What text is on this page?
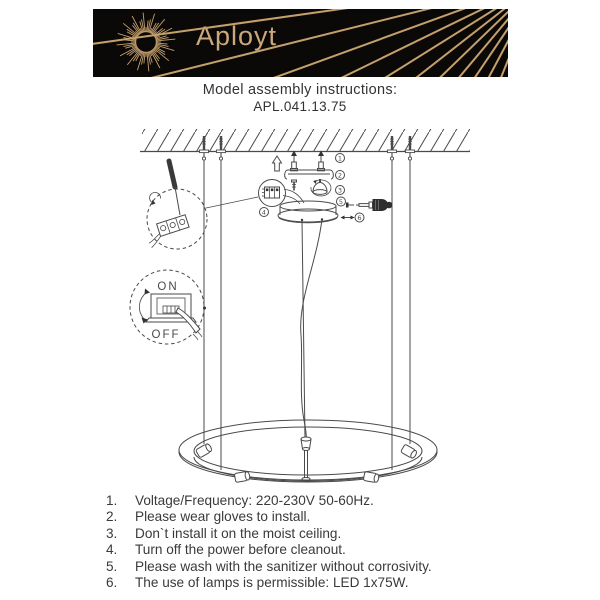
Aployt
Model assembly instructions:
APL.041.13.75
4
1
2
3
5
6
ON
OFF
1.	Voltage/Frequency: 220-230V 50-60Hz.
2.	Please wear gloves to install.
3.	Don`t install it on the moist ceiling.
4.	Turn off the power before cleanout.
5.	Please wash with the sanitizer without corrosivity.
6.	The use of lamps is permissible: LED 1x75W.
